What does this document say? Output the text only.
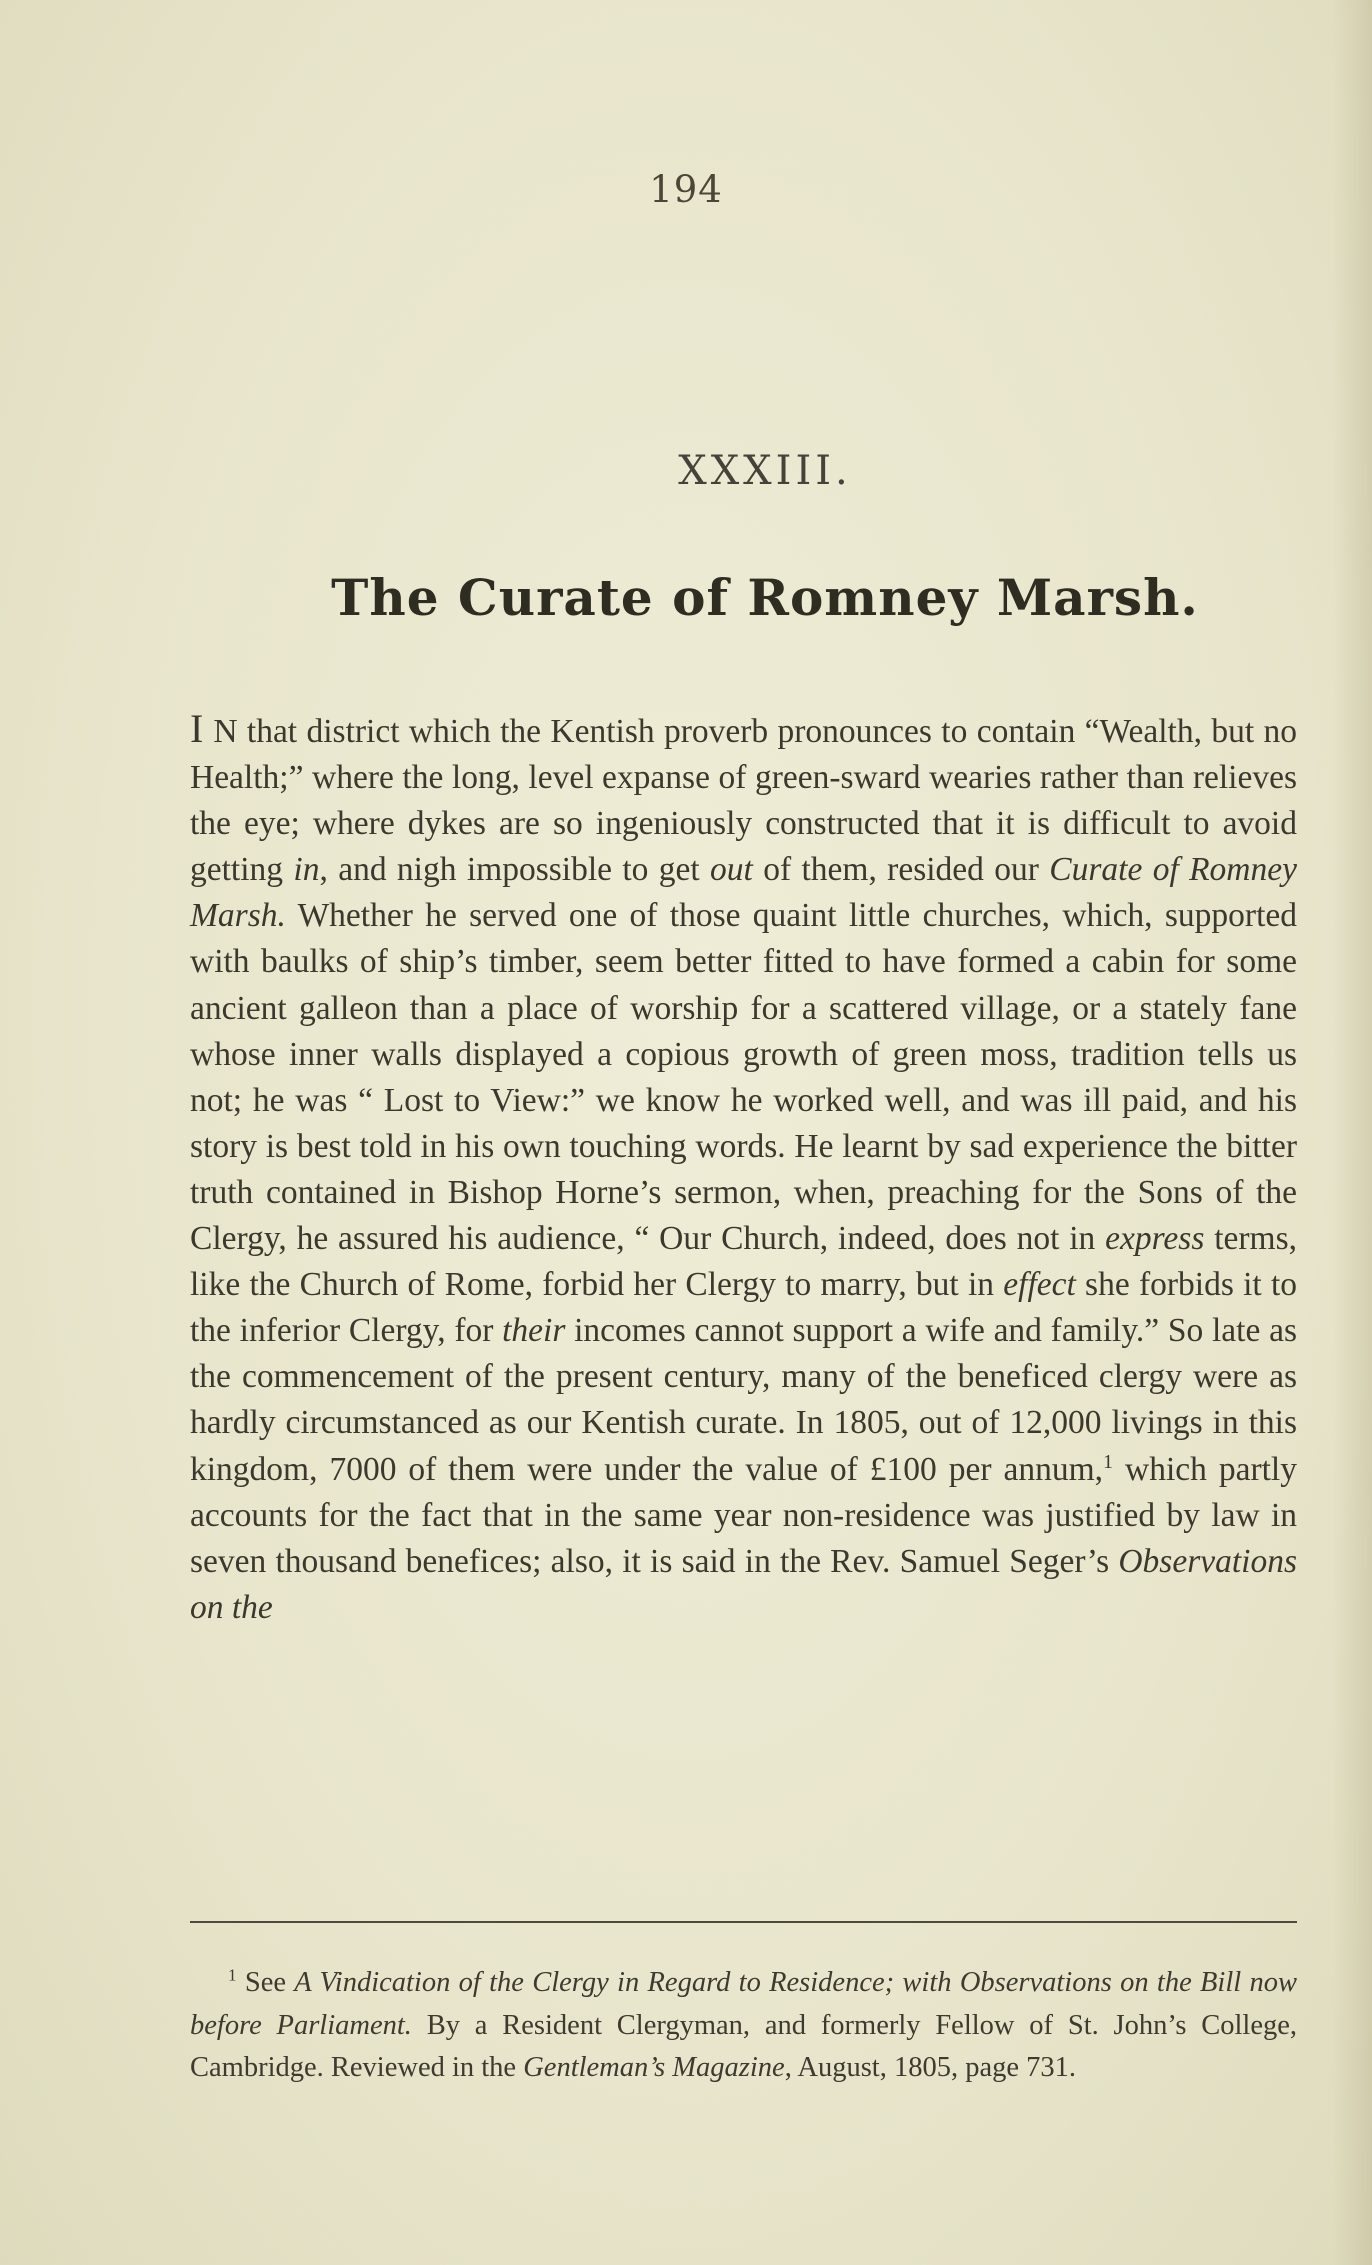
194
XXXIII.
The Curate of Romney Marsh.

IN that district which the Kentish proverb pronounces to contain “Wealth, but no Health;” where the long, level expanse of green-sward wearies rather than relieves the eye; where dykes are so ingeniously constructed that it is difficult to avoid getting in, and nigh impossible to get out of them, resided our Curate of Romney Marsh. Whether he served one of those quaint little churches, which, supported with baulks of ship’s timber, seem better fitted to have formed a cabin for some ancient galleon than a place of worship for a scattered village, or a stately fane whose inner walls displayed a copious growth of green moss, tradition tells us not; he was “ Lost to View:” we know he worked well, and was ill paid, and his story is best told in his own touching words. He learnt by sad experience the bitter truth contained in Bishop Horne’s sermon, when, preaching for the Sons of the Clergy, he assured his audience, “ Our Church, indeed, does not in express terms, like the Church of Rome, forbid her Clergy to marry, but in effect she forbids it to the inferior Clergy, for their incomes cannot support a wife and family.” So late as the commencement of the present century, many of the beneficed clergy were as hardly circumstanced as our Kentish curate. In 1805, out of 12,000 livings in this kingdom, 7000 of them were under the value of £100 per annum,$^1$ which partly accounts for the fact that in the same year non-residence was justified by law in seven thousand benefices; also, it is said in the Rev. Samuel Seger’s Observations on the

$^1$ See A Vindication of the Clergy in Regard to Residence; with Observations on the Bill now before Parliament. By a Resident Clergyman, and formerly Fellow of St. John’s College, Cambridge. Reviewed in the Gentleman’s Magazine, August, 1805, page 731.
